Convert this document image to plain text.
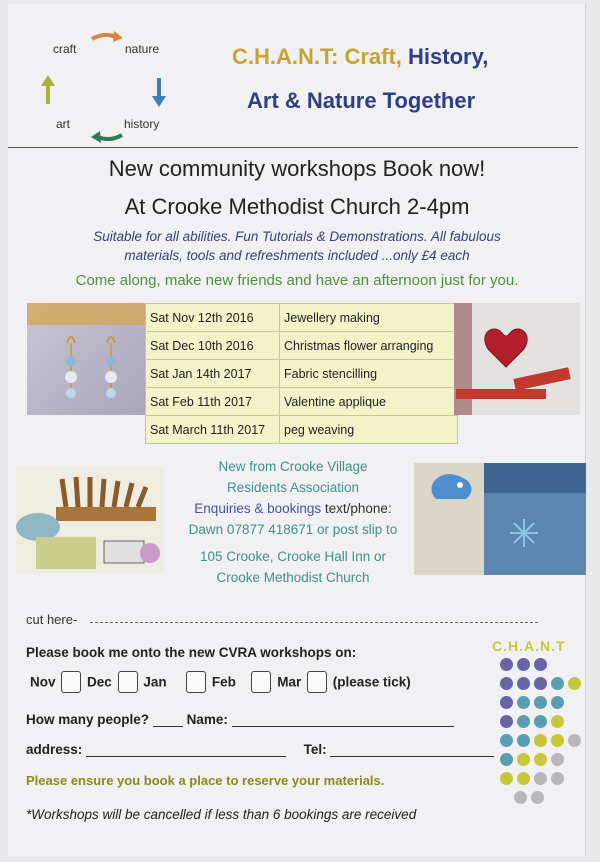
craft	nature
art	history
C.H.A.N.T: Craft, History,
Art & Nature Together
New community workshops Book now!
At Crooke Methodist Church 2-4pm
Suitable for all abilities. Fun Tutorials & Demonstrations. All fabulous
materials, tools and refreshments included ...only £4 each
Come along, make new friends and have an afternoon just for you.
Sat Nov 12th 2016	Jewellery making
Sat Dec 10th 2016	Christmas flower arranging
Sat Jan 14th 2017	Fabric stencilling
Sat Feb 11th 2017	Valentine applique
Sat March 11th 2017	peg weaving
New from Crooke Village
Residents Association
Enquiries & bookings text/phone:
Dawn 07877 418671 or post slip to
105 Crooke, Crooke Hall Inn or
Crooke Methodist Church
cut here-
Please book me onto the new CVRA workshops on:
Nov Dec Jan	Feb	Mar (please tick)
How many people?	Name:
address:	Tel:
Please ensure you book a place to reserve your materials.
*Workshops will be cancelled if less than 6 bookings are received
C.H.A.N.T
